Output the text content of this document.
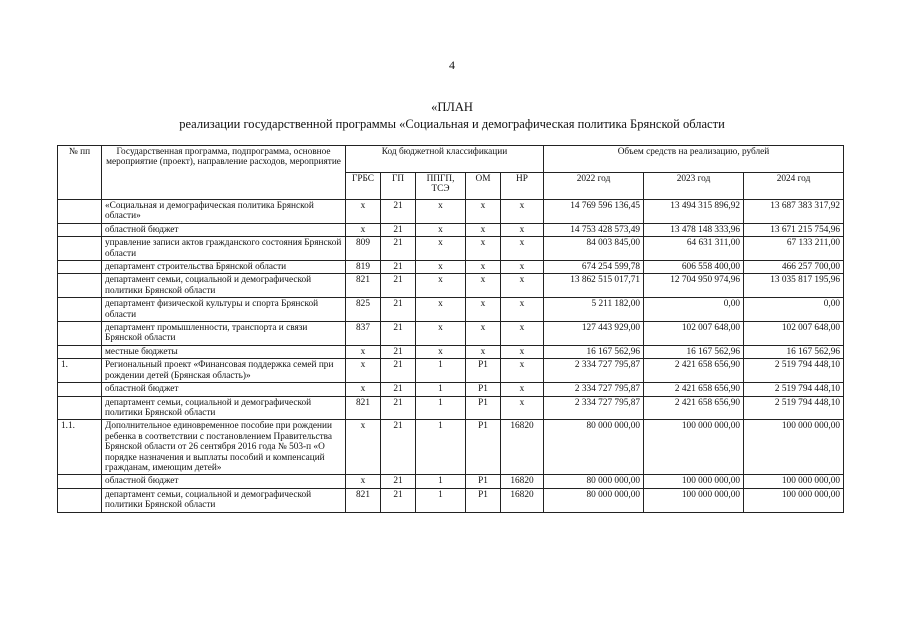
4
«ПЛАН
реализации государственной программы «Социальная и демографическая политика Брянской области
№ пп	Государственная программа, подпрограмма, основное мероприятие (проект), направление расходов, мероприятие	Код бюджетной классификации					Объем средств на реализацию, рублей		
		ГРБС	ГП	ППГП, ТСЭ	ОМ	НР	2022 год	2023 год	2024 год
	«Социальная и демографическая политика Брянской области»	х	21	х	х	х	14 769 596 136,45	13 494 315 896,92	13 687 383 317,92
	областной бюджет	х	21	х	х	х	14 753 428 573,49	13 478 148 333,96	13 671 215 754,96
	управление записи актов гражданского состояния Брянской области	809	21	х	х	х	84 003 845,00	64 631 311,00	67 133 211,00
	департамент строительства Брянской области	819	21	х	х	х	674 254 599,78	606 558 400,00	466 257 700,00
	департамент семьи, социальной и демографической политики Брянской области	821	21	х	х	х	13 862 515 017,71	12 704 950 974,96	13 035 817 195,96
	департамент физической культуры и спорта Брянской области	825	21	х	х	х	5 211 182,00	0,00	0,00
	департамент промышленности, транспорта и связи Брянской области	837	21	х	х	х	127 443 929,00	102 007 648,00	102 007 648,00
	местные бюджеты	х	21	х	х	х	16 167 562,96	16 167 562,96	16 167 562,96
1.	Региональный проект «Финансовая поддержка семей при рождении детей (Брянская область)»	х	21	1	Р1	х	2 334 727 795,87	2 421 658 656,90	2 519 794 448,10
	областной бюджет	х	21	1	Р1	х	2 334 727 795,87	2 421 658 656,90	2 519 794 448,10
	департамент семьи, социальной и демографической политики Брянской области	821	21	1	Р1	х	2 334 727 795,87	2 421 658 656,90	2 519 794 448,10
1.1.	Дополнительное единовременное пособие при рождении ребенка в соответствии с постановлением Правительства Брянской области от 26 сентября 2016 года № 503-п «О порядке назначения и выплаты пособий и компенсаций гражданам, имеющим детей»	х	21	1	Р1	16820	80 000 000,00	100 000 000,00	100 000 000,00
	областной бюджет	х	21	1	Р1	16820	80 000 000,00	100 000 000,00	100 000 000,00
	департамент семьи, социальной и демографической политики Брянской области	821	21	1	Р1	16820	80 000 000,00	100 000 000,00	100 000 000,00
